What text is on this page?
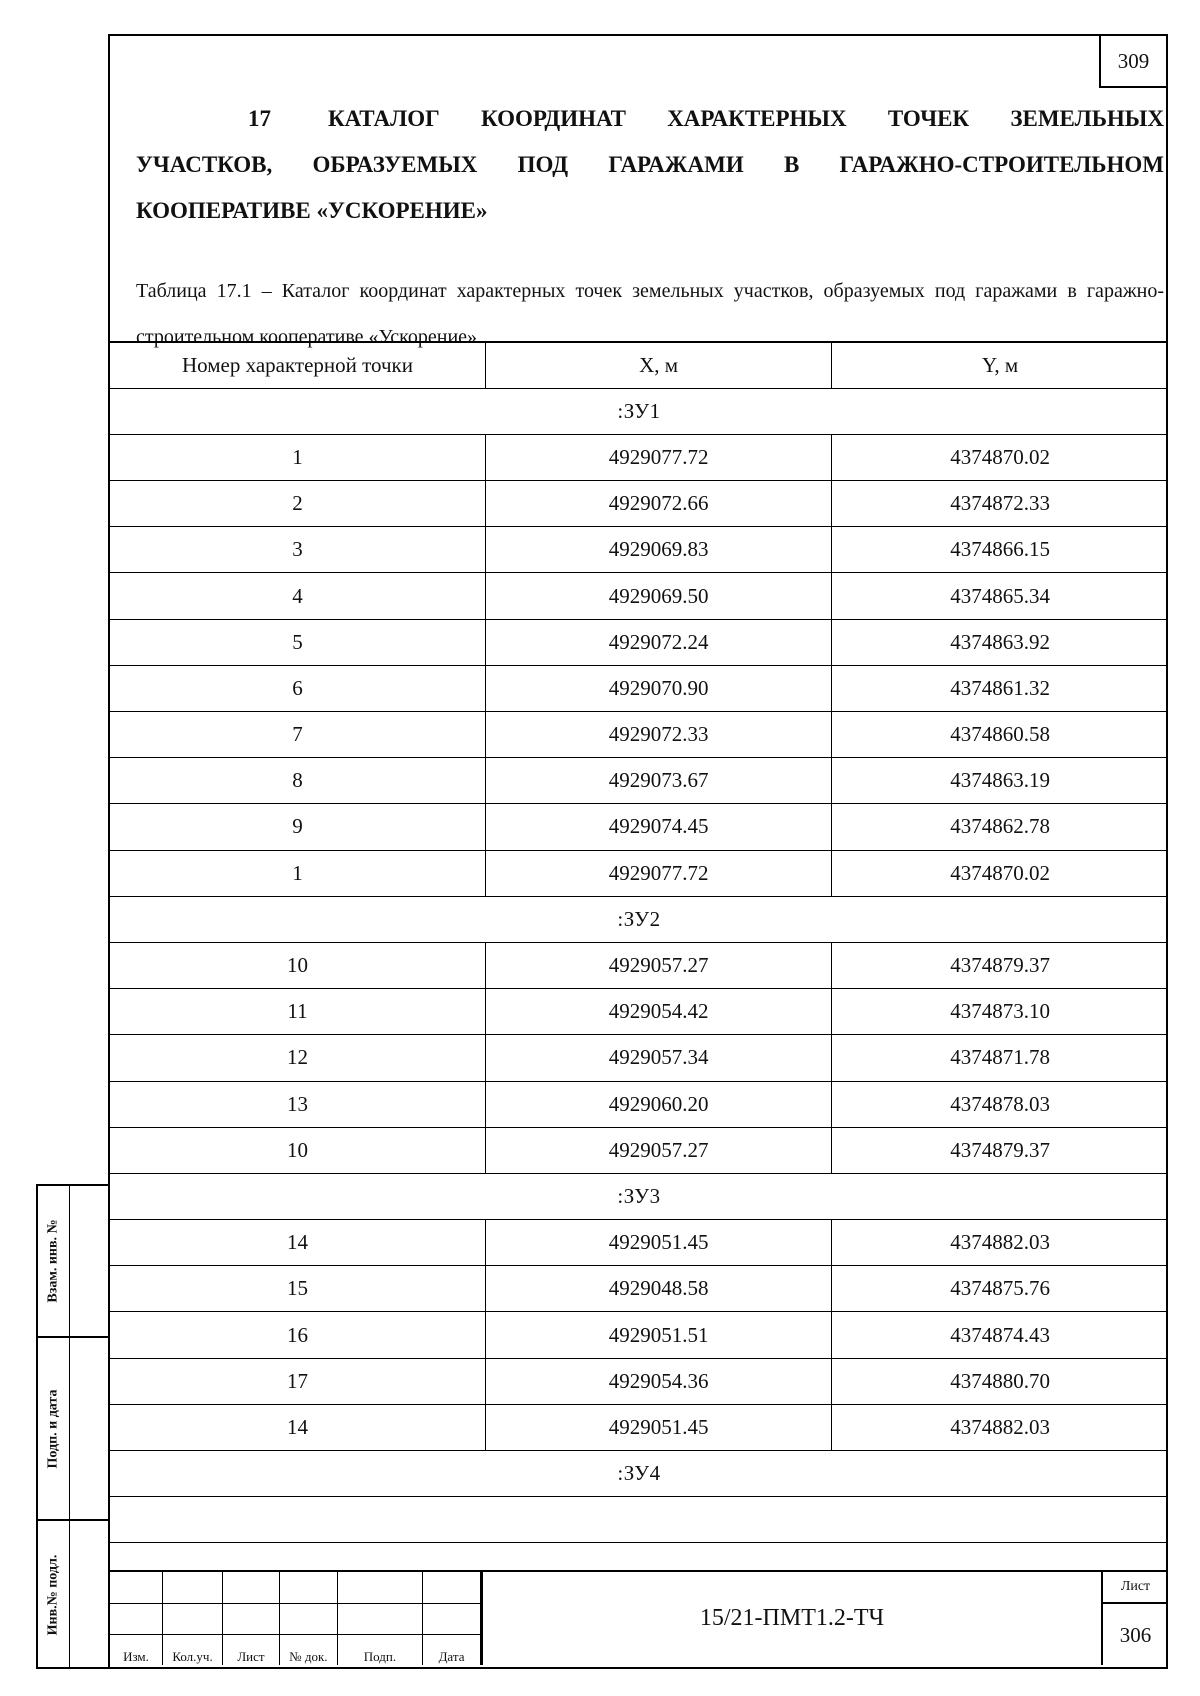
309
17 КАТАЛОГ КООРДИНАТ ХАРАКТЕРНЫХ ТОЧЕК ЗЕМЕЛЬНЫХ УЧАСТКОВ, ОБРАЗУЕМЫХ ПОД ГАРАЖАМИ В ГАРАЖНО-СТРОИТЕЛЬНОМ КООПЕРАТИВЕ «УСКОРЕНИЕ»
Таблица 17.1 – Каталог координат характерных точек земельных участков, образуемых под гаражами в гаражно-строительном кооперативе «Ускорение»
Номер характерной точки	X, м	Y, м
:ЗУ1		
1	4929077.72	4374870.02
2	4929072.66	4374872.33
3	4929069.83	4374866.15
4	4929069.50	4374865.34
5	4929072.24	4374863.92
6	4929070.90	4374861.32
7	4929072.33	4374860.58
8	4929073.67	4374863.19
9	4929074.45	4374862.78
1	4929077.72	4374870.02
:ЗУ2		
10	4929057.27	4374879.37
11	4929054.42	4374873.10
12	4929057.34	4374871.78
13	4929060.20	4374878.03
10	4929057.27	4374879.37
:ЗУ3		
14	4929051.45	4374882.03
15	4929048.58	4374875.76
16	4929051.51	4374874.43
17	4929054.36	4374880.70
14	4929051.45	4374882.03
:ЗУ4		

Изм.	Кол.уч.	Лист	№ док.	Подп.	Дата
15/21-ПМТ1.2-ТЧ
Лист
306
Взам. инв. №
Подп. и дата
Инв.№ подл.
